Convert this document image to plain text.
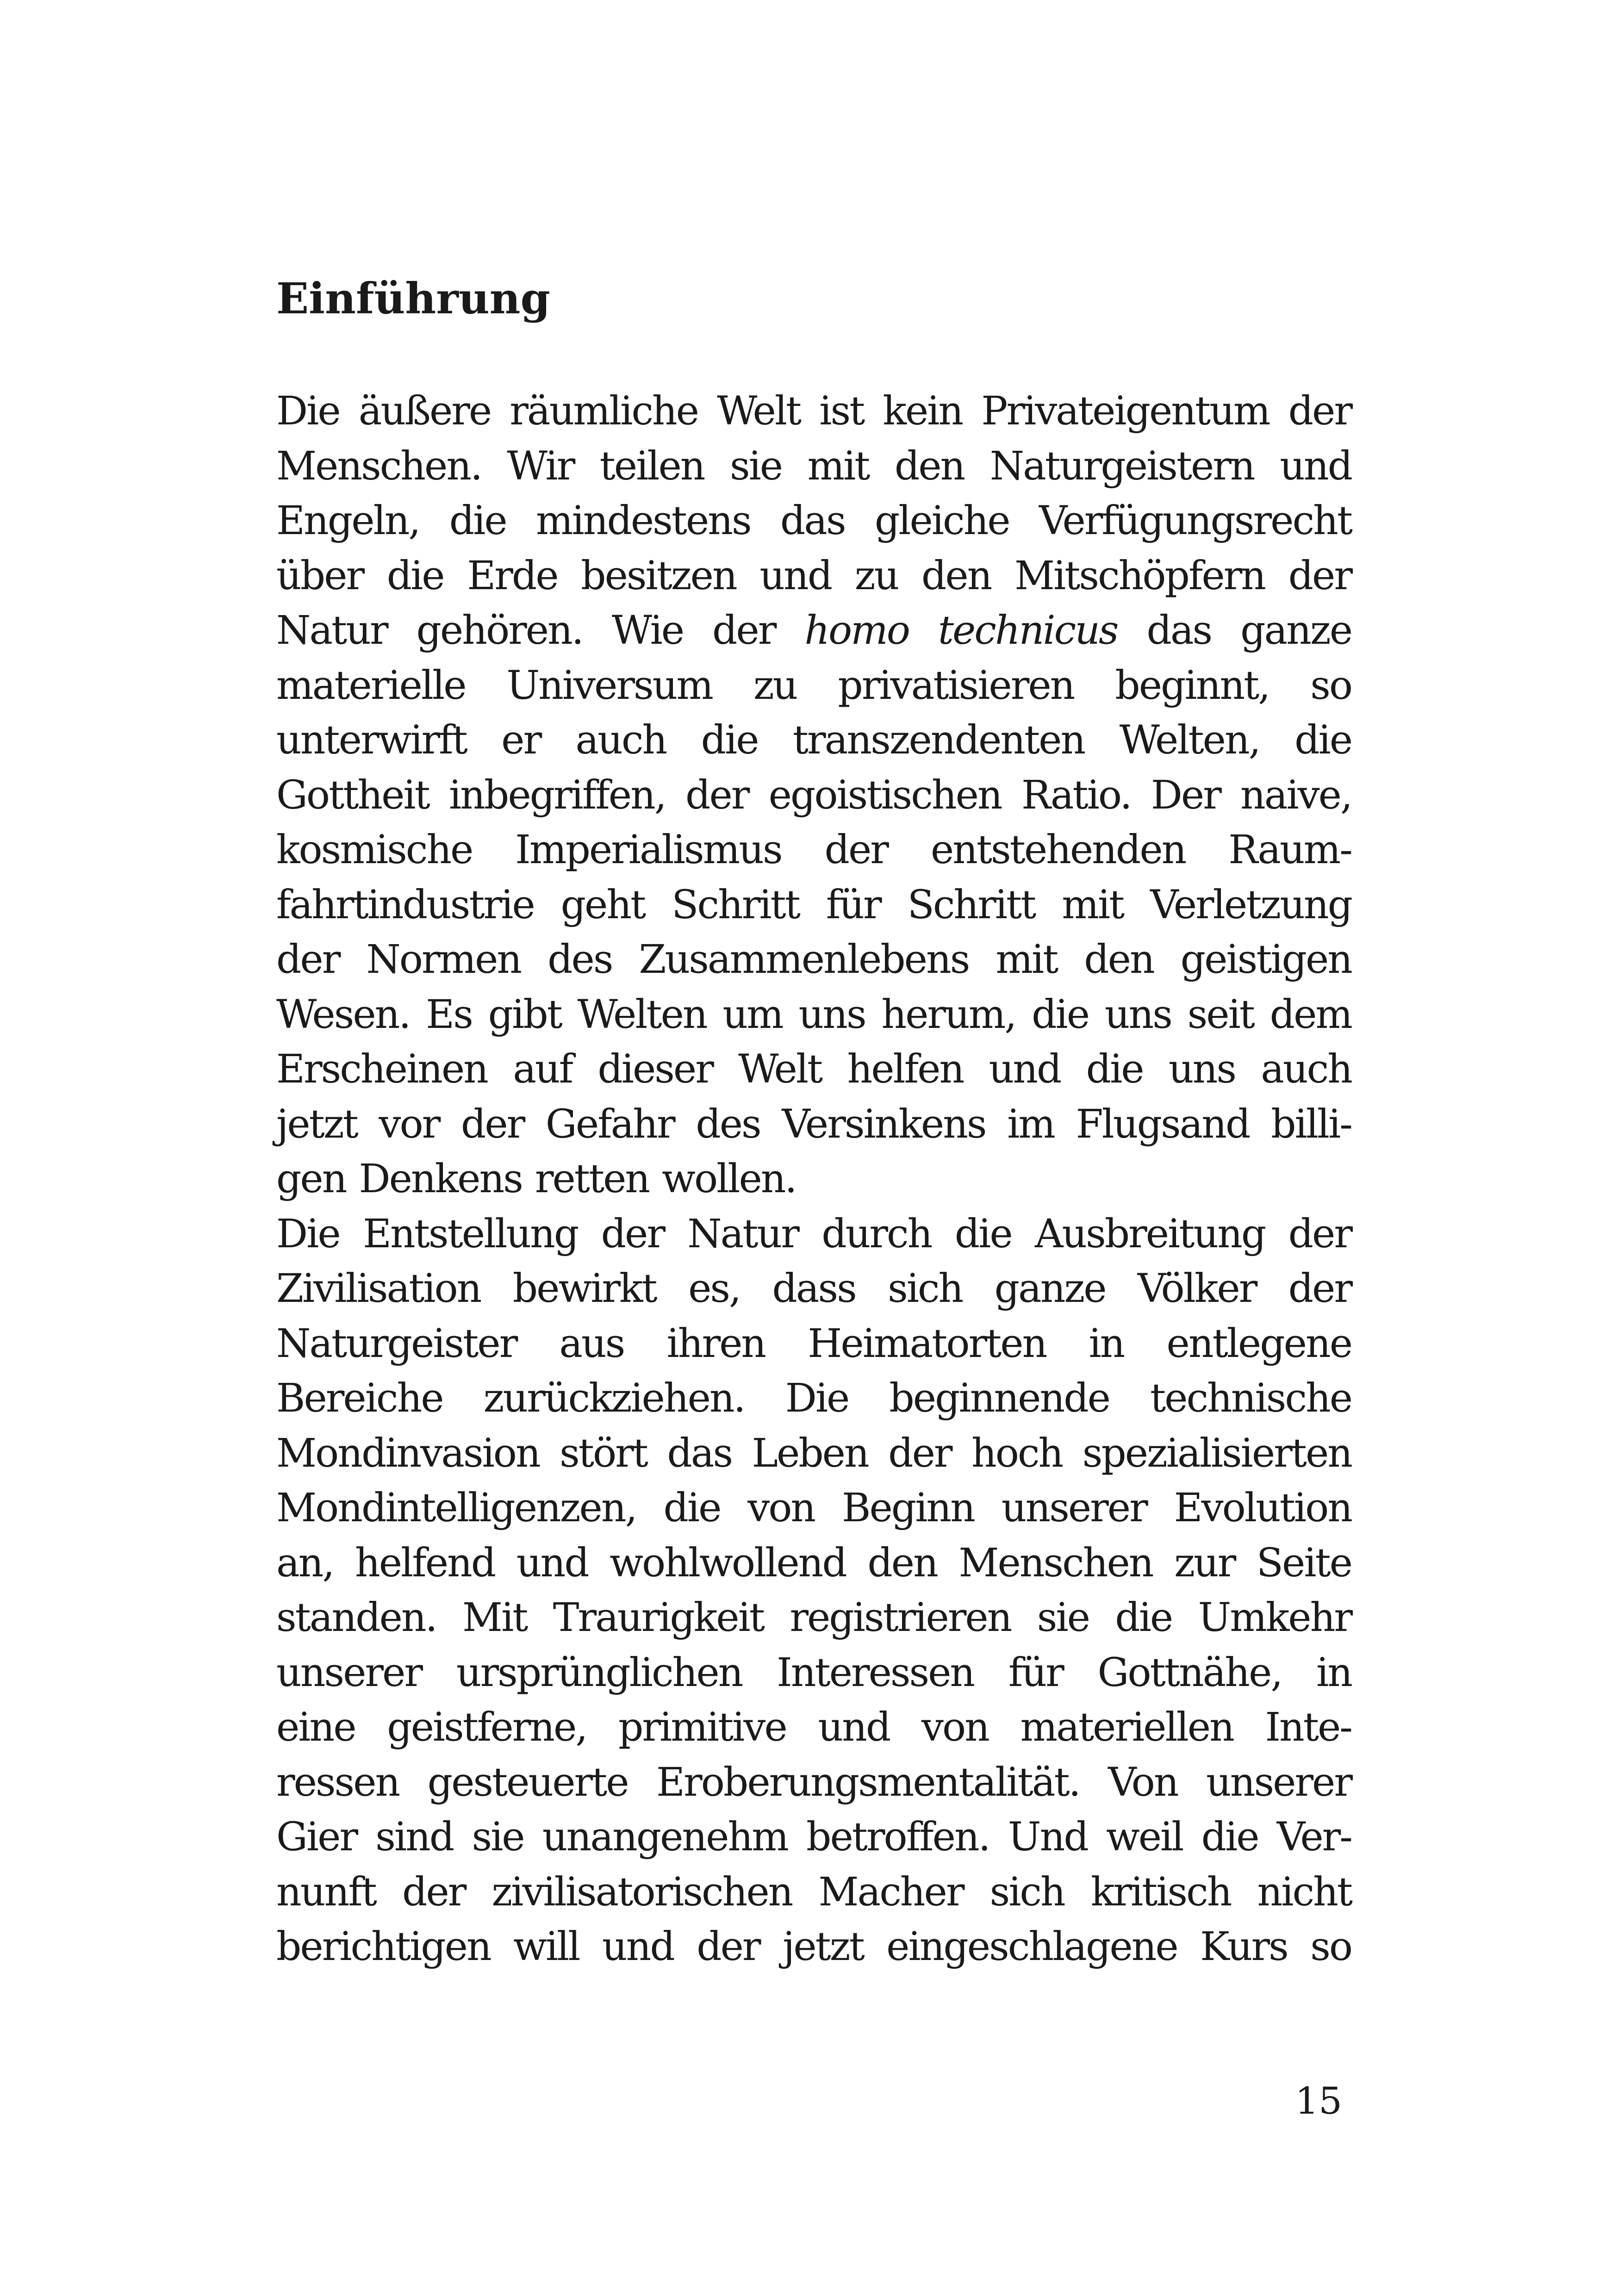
Einführung
Die äußere räumliche Welt ist kein Privateigentum der
Menschen. Wir teilen sie mit den Naturgeistern und
Engeln, die mindestens das gleiche Verfügungsrecht
über die Erde besitzen und zu den Mitschöpfern der
Natur gehören. Wie der homo technicus das ganze
materielle Universum zu privatisieren beginnt, so
unterwirft er auch die transzendenten Welten, die
Gottheit inbegriffen, der egoistischen Ratio. Der naive,
kosmische Imperialismus der entstehenden Raum-
fahrtindustrie geht Schritt für Schritt mit Verletzung
der Normen des Zusammenlebens mit den geistigen
Wesen. Es gibt Welten um uns herum, die uns seit dem
Erscheinen auf dieser Welt helfen und die uns auch
jetzt vor der Gefahr des Versinkens im Flugsand billi-
gen Denkens retten wollen.
Die Entstellung der Natur durch die Ausbreitung der
Zivilisation bewirkt es, dass sich ganze Völker der
Naturgeister aus ihren Heimatorten in entlegene
Bereiche zurückziehen. Die beginnende technische
Mondinvasion stört das Leben der hoch spezialisierten
Mondintelligenzen, die von Beginn unserer Evolution
an, helfend und wohlwollend den Menschen zur Seite
standen. Mit Traurigkeit registrieren sie die Umkehr
unserer ursprünglichen Interessen für Gottnähe, in
eine geistferne, primitive und von materiellen Inte-
ressen gesteuerte Eroberungsmentalität. Von unserer
Gier sind sie unangenehm betroffen. Und weil die Ver-
nunft der zivilisatorischen Macher sich kritisch nicht
berichtigen will und der jetzt eingeschlagene Kurs so
15
